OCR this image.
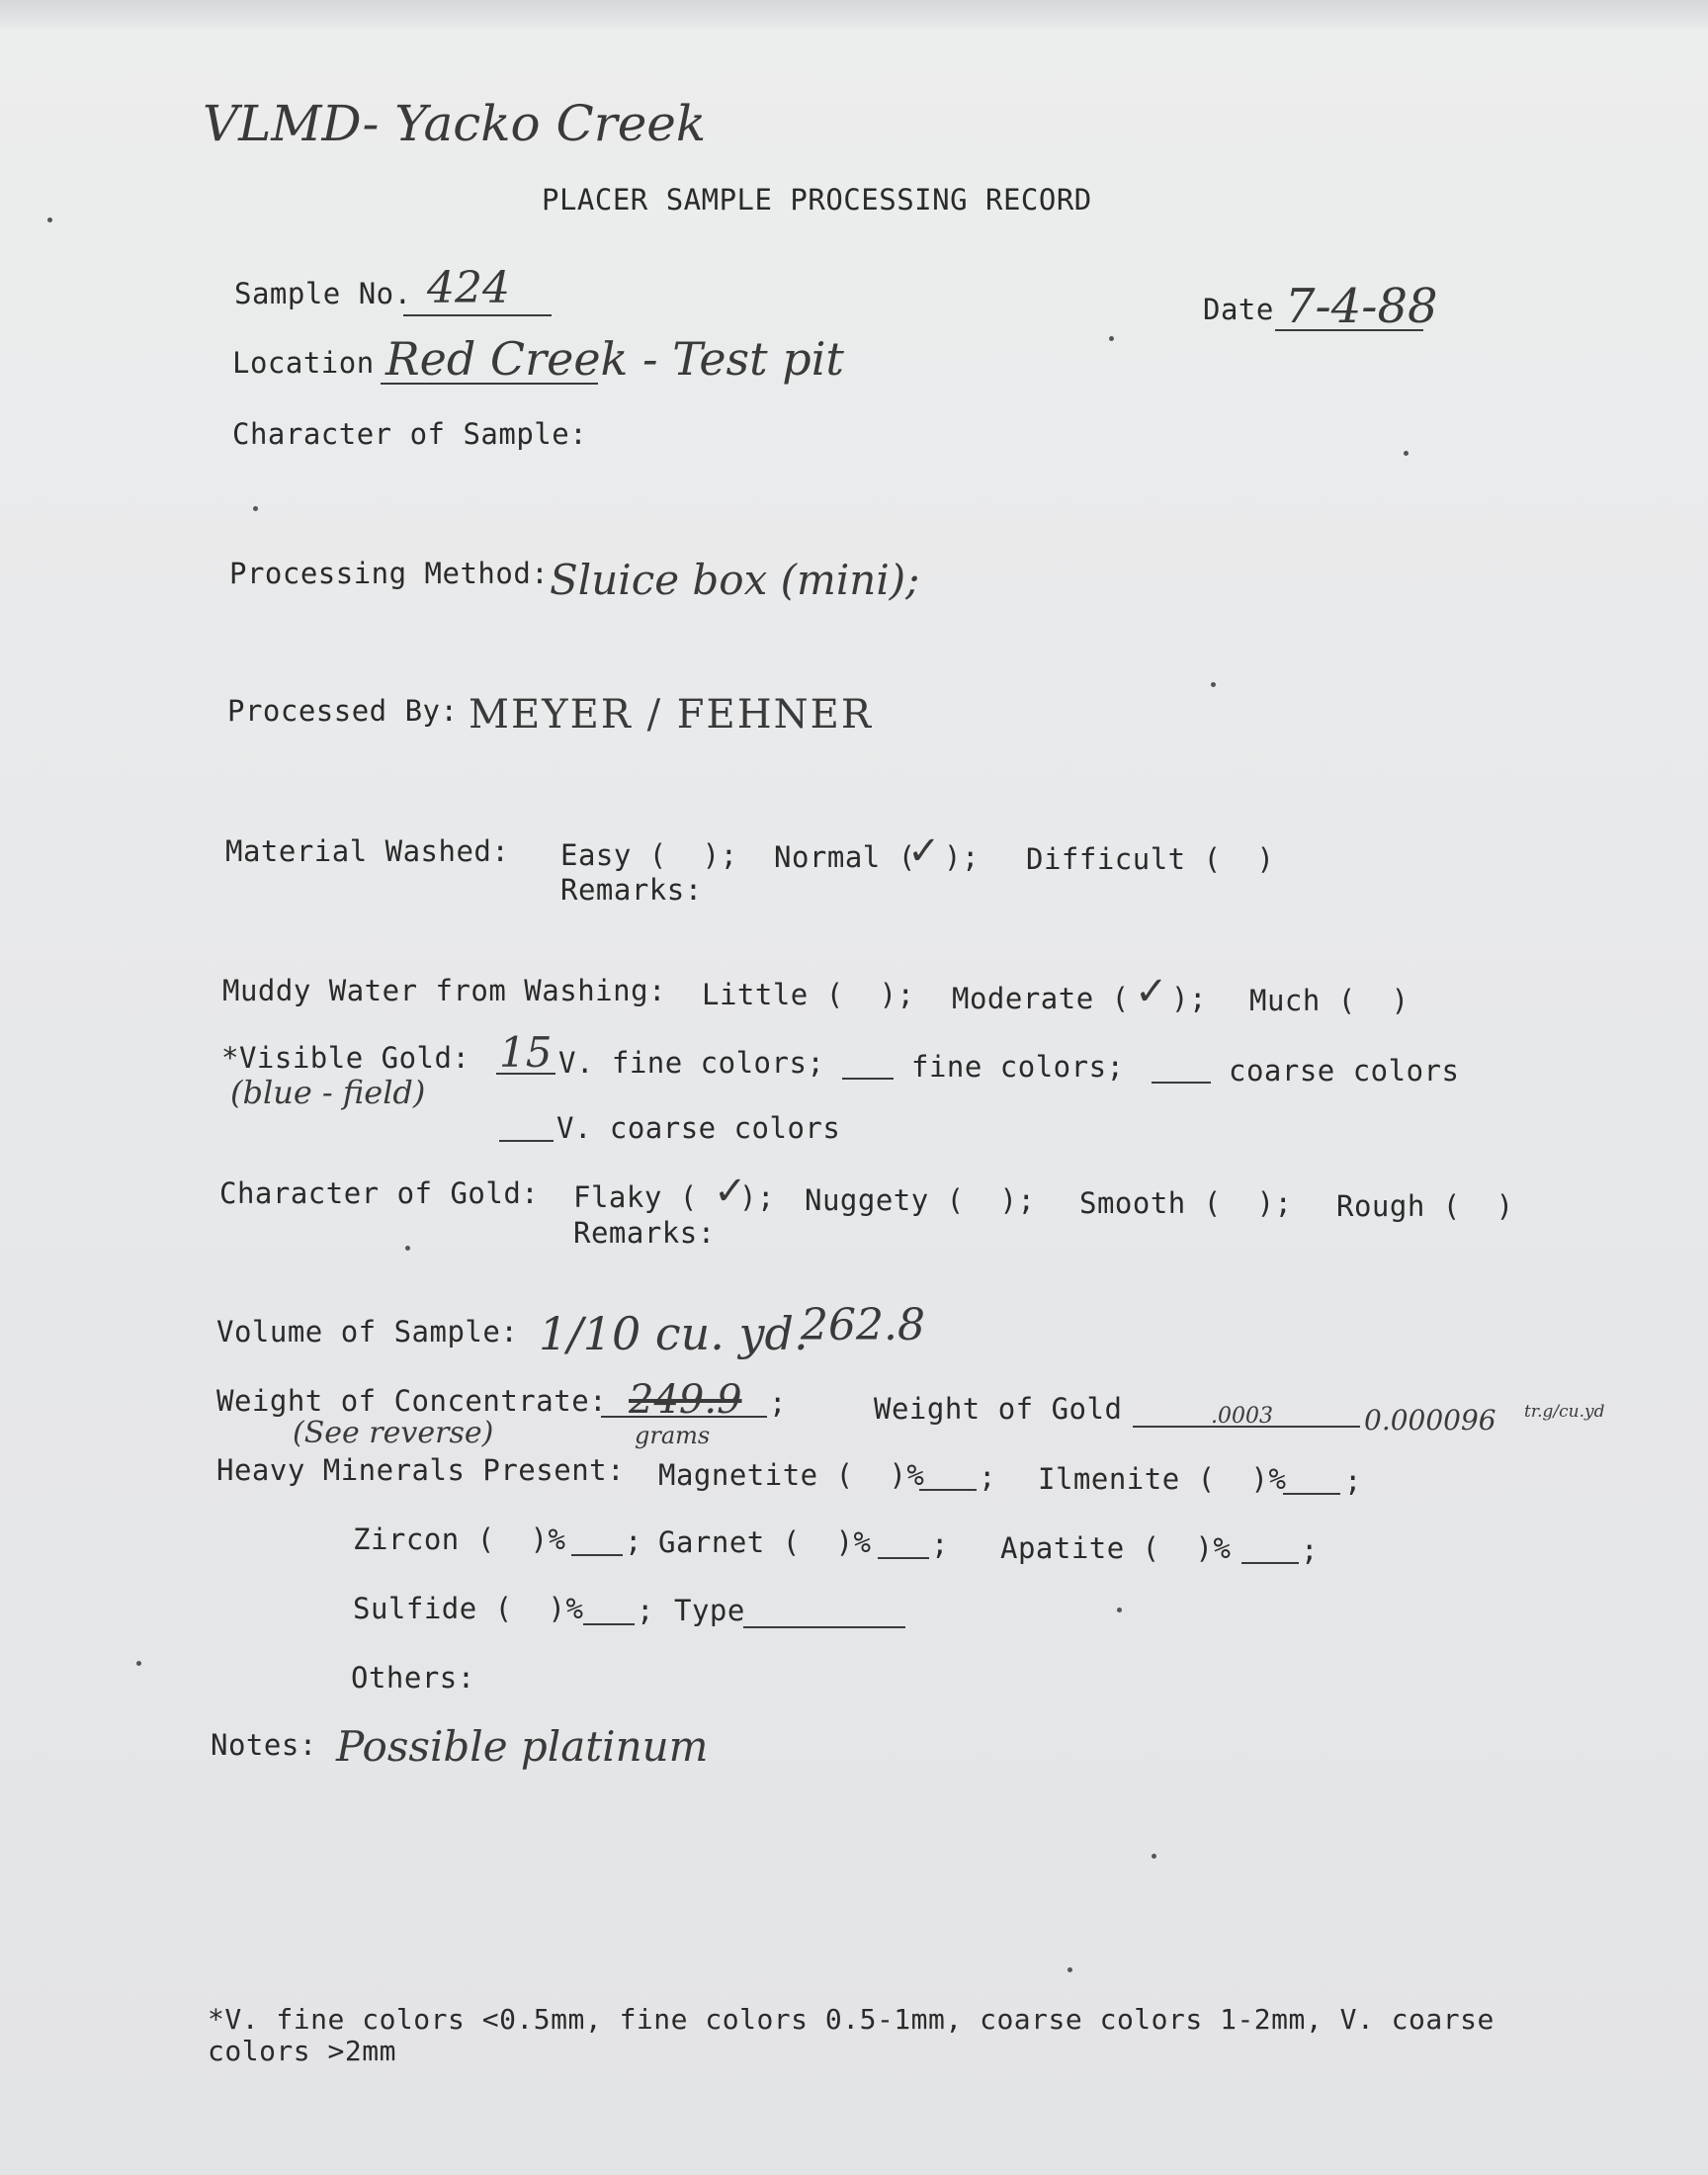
VLMD- Yacko Creek
PLACER SAMPLE PROCESSING RECORD
Sample No. 424	Date 7-4-88
Location Red Creek - Test pit
Character of Sample:
Processing Method: Sluice box (mini);
Processed By: MEYER / FEHNER
Material Washed: Easy (  ); Normal (
✓ ); Difficult (  )
Remarks:
Muddy Water from Washing: Little (  ); Moderate ( ✓ ); Much (  )
*Visible Gold: 15 V. fine colors;	fine colors;	coarse colors
(blue - field)
V. coarse colors
Character of Gold: Flaky ( ✓
); Nuggety (  ); Smooth (  ); Rough (  )
Remarks:
Volume of Sample: 1/10 cu. yd.
262.8
Weight of Concentrate: 249.9 ;
grams
(See reverse)
Weight of Gold	.0003	0.000096 tr.g/cu.yd
Heavy Minerals Present: Magnetite (  )% ; Ilmenite (  )% ;
Zircon (  )% ; Garnet (  )% ; Apatite (  )% ;
Sulfide (  )% ; Type
Others:
Notes: Possible platinum
*V. fine colors <0.5mm, fine colors 0.5-1mm, coarse colors 1-2mm, V. coarse
colors >2mm
